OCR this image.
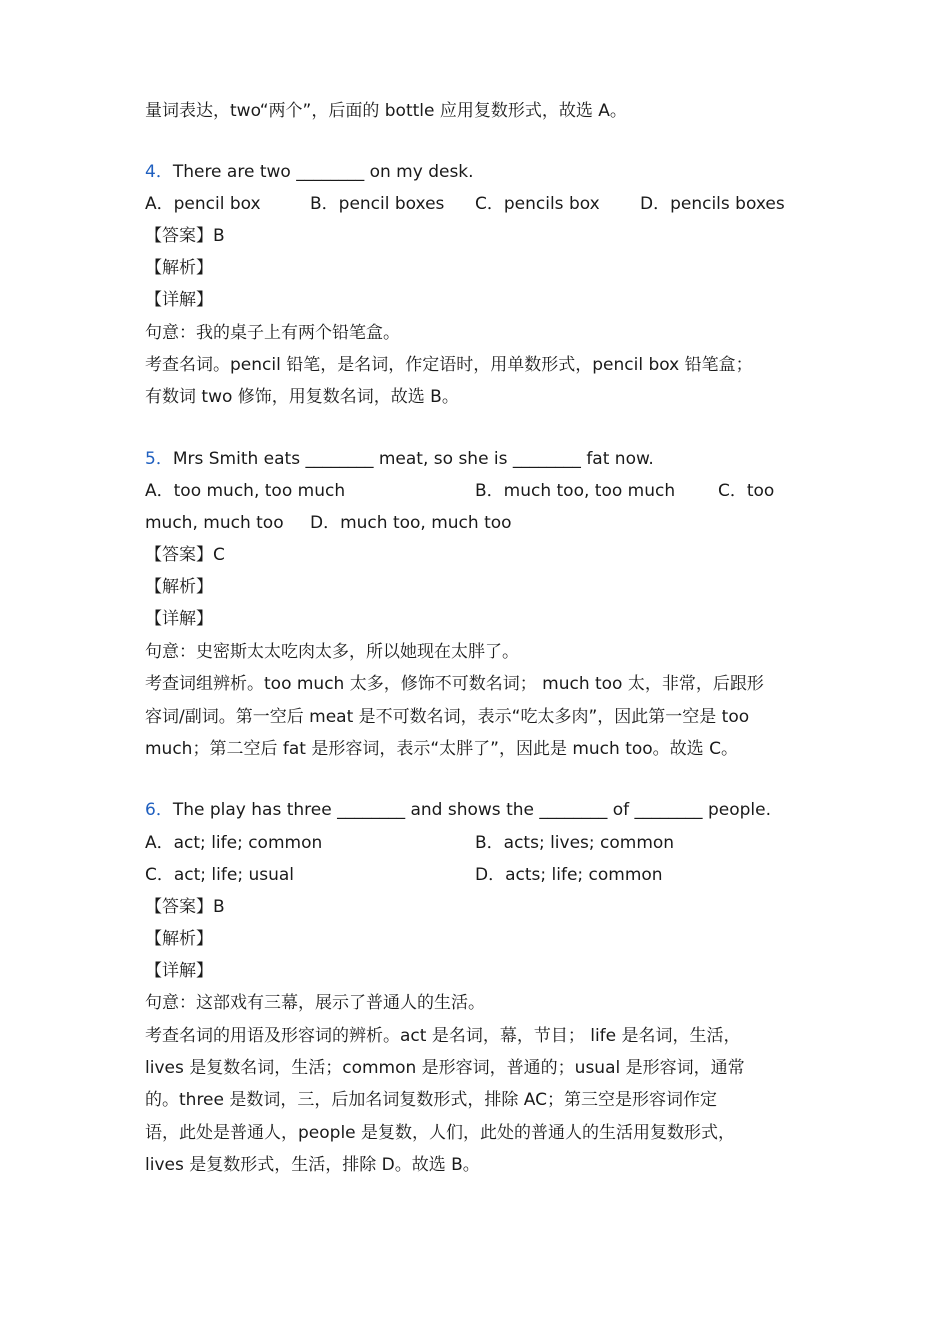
量词表达，two“两个”，后面的 bottle 应用复数形式，故选 A。
4．There are two ________ on my desk.
A．pencil box	B．pencil boxes C．pencils box D．pencils boxes
【答案】B
【解析】
【详解】
句意：我的桌子上有两个铅笔盒。
考查名词。pencil 铅笔，是名词，作定语时，用单数形式，pencil box 铅笔盒；
有数词 two 修饰，用复数名词，故选 B。
5．Mrs Smith eats ________ meat, so she is ________ fat now.
A．too much, too much	B．much too, too much	C．too
much, much too D．much too, much too
【答案】C
【解析】
【详解】
句意：史密斯太太吃肉太多，所以她现在太胖了。
考查词组辨析。too much 太多，修饰不可数名词； much too 太，非常，后跟形
容词/副词。第一空后 meat 是不可数名词，表示“吃太多肉”，因此第一空是 too
much；第二空后 fat 是形容词，表示“太胖了”，因此是 much too。故选 C。
6．The play has three ________ and shows the ________ of ________ people.
A．act; life; common	B．acts; lives; common
C．act; life; usual	D．acts; life; common
【答案】B
【解析】
【详解】
句意：这部戏有三幕，展示了普通人的生活。
考查名词的用语及形容词的辨析。act 是名词，幕，节目； life 是名词，生活，
lives 是复数名词，生活；common 是形容词，普通的；usual 是形容词，通常
的。three 是数词，三，后加名词复数形式，排除 AC；第三空是形容词作定
语，此处是普通人，people 是复数，人们，此处的普通人的生活用复数形式，
lives 是复数形式，生活，排除 D。故选 B。
